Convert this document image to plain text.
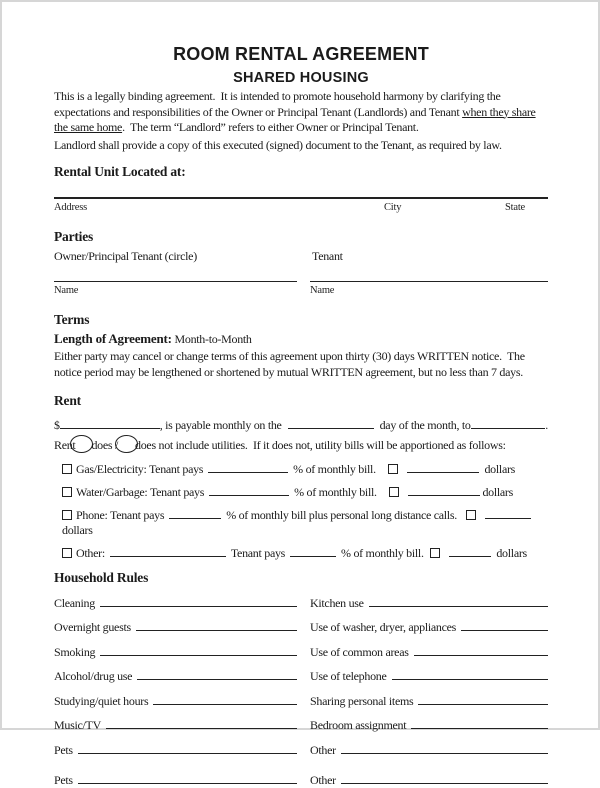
ROOM RENTAL AGREEMENT
SHARED HOUSING
This is a legally binding agreement.  It is intended to promote household harmony by clarifying the expectations and responsibilities of the Owner or Principal Tenant (Landlords) and Tenant when they share the same home.  The term “Landlord” refers to either Owner or Principal Tenant.
Landlord shall provide a copy of this executed (signed) document to the Tenant, as required by law.
Rental Unit Located at:
Address	City	State
Parties
Owner/Principal Tenant (circle)	Tenant
Name	Name
Terms
Length of Agreement: Month-to-Month
Either party may cancel or change terms of this agreement upon thirty (30) days WRITTEN notice.  The notice period may be lengthened or shortened by mutual WRITTEN agreement, but no less than 7 days.
Rent
$	, is payable monthly on the	day of the month, to	.
Rent does / does not include utilities.  If it does not, utility bills will be apportioned as follows:
Gas/Electricity: Tenant pays	% of monthly bill.	dollars
Water/Garbage: Tenant pays	% of monthly bill.	dollars
Phone: Tenant pays	% of monthly bill plus personal long distance calls. dollars
Other:	Tenant pays	% of monthly bill.	dollars
Household Rules
Cleaning	Kitchen use
Overnight guests	Use of washer, dryer, appliances
Smoking	Use of common areas
Alcohol/drug use	Use of telephone
Studying/quiet hours	Sharing personal items
Music/TV	Bedroom assignment
Pets	Other
Pets	Other
